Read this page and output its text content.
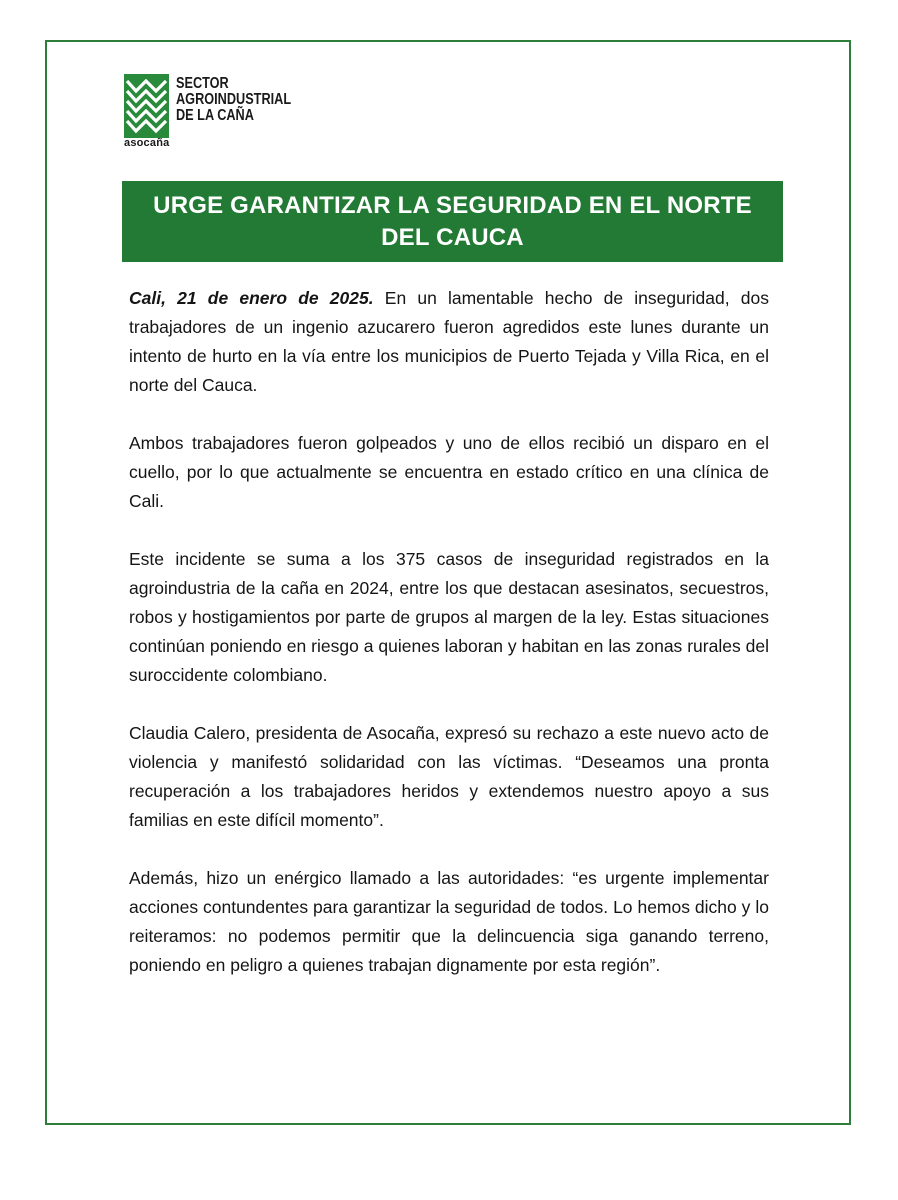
SECTOR
AGROINDUSTRIAL
DE LA CAÑA
asocaña
URGE GARANTIZAR LA SEGURIDAD EN EL NORTE DEL CAUCA

Cali, 21 de enero de 2025. En un lamentable hecho de inseguridad, dos trabajadores de un ingenio azucarero fueron agredidos este lunes durante un intento de hurto en la vía entre los municipios de Puerto Tejada y Villa Rica, en el norte del Cauca.

Ambos trabajadores fueron golpeados y uno de ellos recibió un disparo en el cuello, por lo que actualmente se encuentra en estado crítico en una clínica de Cali.

Este incidente se suma a los 375 casos de inseguridad registrados en la agroindustria de la caña en 2024, entre los que destacan asesinatos, secuestros, robos y hostigamientos por parte de grupos al margen de la ley. Estas situaciones continúan poniendo en riesgo a quienes laboran y habitan en las zonas rurales del suroccidente colombiano.

Claudia Calero, presidenta de Asocaña, expresó su rechazo a este nuevo acto de violencia y manifestó solidaridad con las víctimas. “Deseamos una pronta recuperación a los trabajadores heridos y extendemos nuestro apoyo a sus familias en este difícil momento”.

Además, hizo un enérgico llamado a las autoridades: “es urgente implementar acciones contundentes para garantizar la seguridad de todos. Lo hemos dicho y lo reiteramos: no podemos permitir que la delincuencia siga ganando terreno, poniendo en peligro a quienes trabajan dignamente por esta región”.
